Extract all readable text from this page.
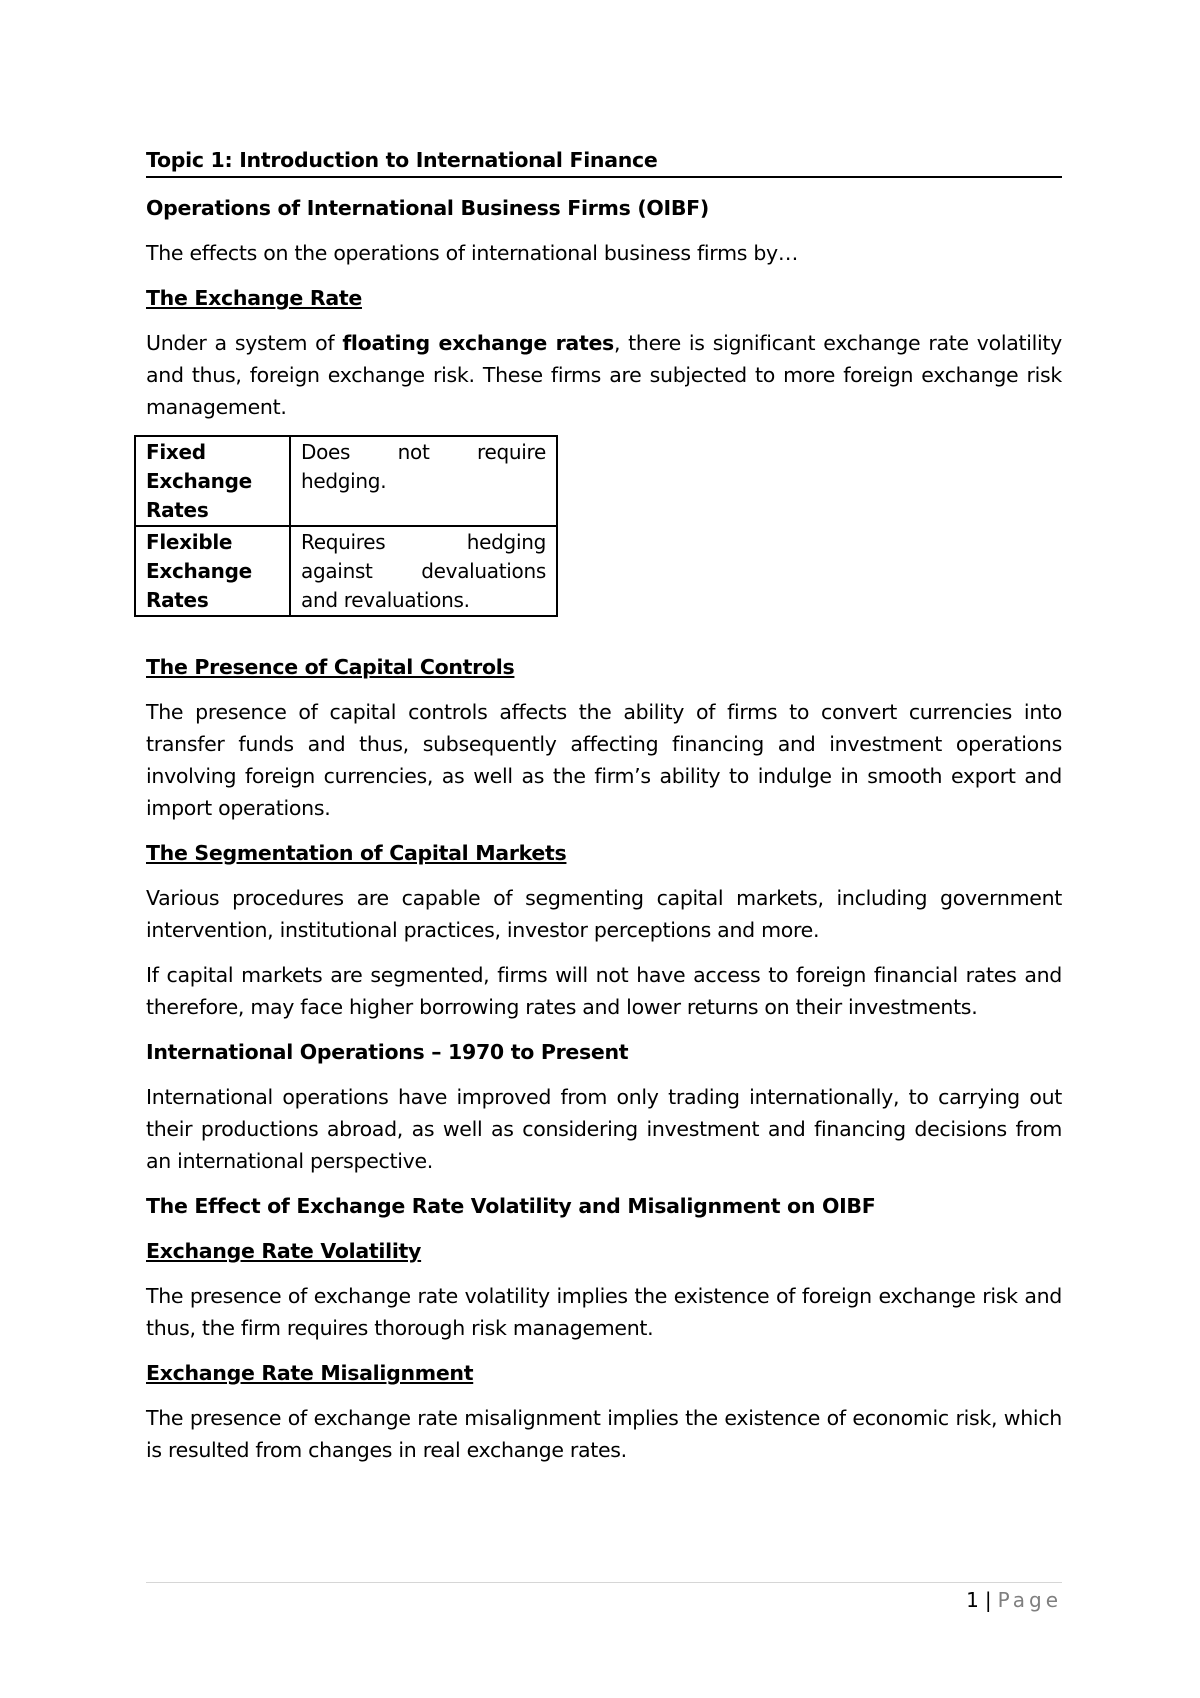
Topic 1: Introduction to International Finance
Operations of International Business Firms (OIBF)

The effects on the operations of international business firms by…

The Exchange Rate

Under a system of floating exchange rates, there is significant exchange rate volatility and thus, foreign exchange risk. These firms are subjected to more foreign exchange risk management.

Fixed Exchange Rates	Does not require hedging.
Flexible Exchange Rates	Requires hedging against devaluations and revaluations.
The Presence of Capital Controls

The presence of capital controls affects the ability of firms to convert currencies into transfer funds and thus, subsequently affecting financing and investment operations involving foreign currencies, as well as the firm’s ability to indulge in smooth export and import operations.

The Segmentation of Capital Markets

Various procedures are capable of segmenting capital markets, including government intervention, institutional practices, investor perceptions and more.

If capital markets are segmented, firms will not have access to foreign financial rates and therefore, may face higher borrowing rates and lower returns on their investments.

International Operations – 1970 to Present

International operations have improved from only trading internationally, to carrying out their productions abroad, as well as considering investment and financing decisions from an international perspective.

The Effect of Exchange Rate Volatility and Misalignment on OIBF
Exchange Rate Volatility

The presence of exchange rate volatility implies the existence of foreign exchange risk and thus, the firm requires thorough risk management.

Exchange Rate Misalignment

The presence of exchange rate misalignment implies the existence of economic risk, which is resulted from changes in real exchange rates.

1 | Page
